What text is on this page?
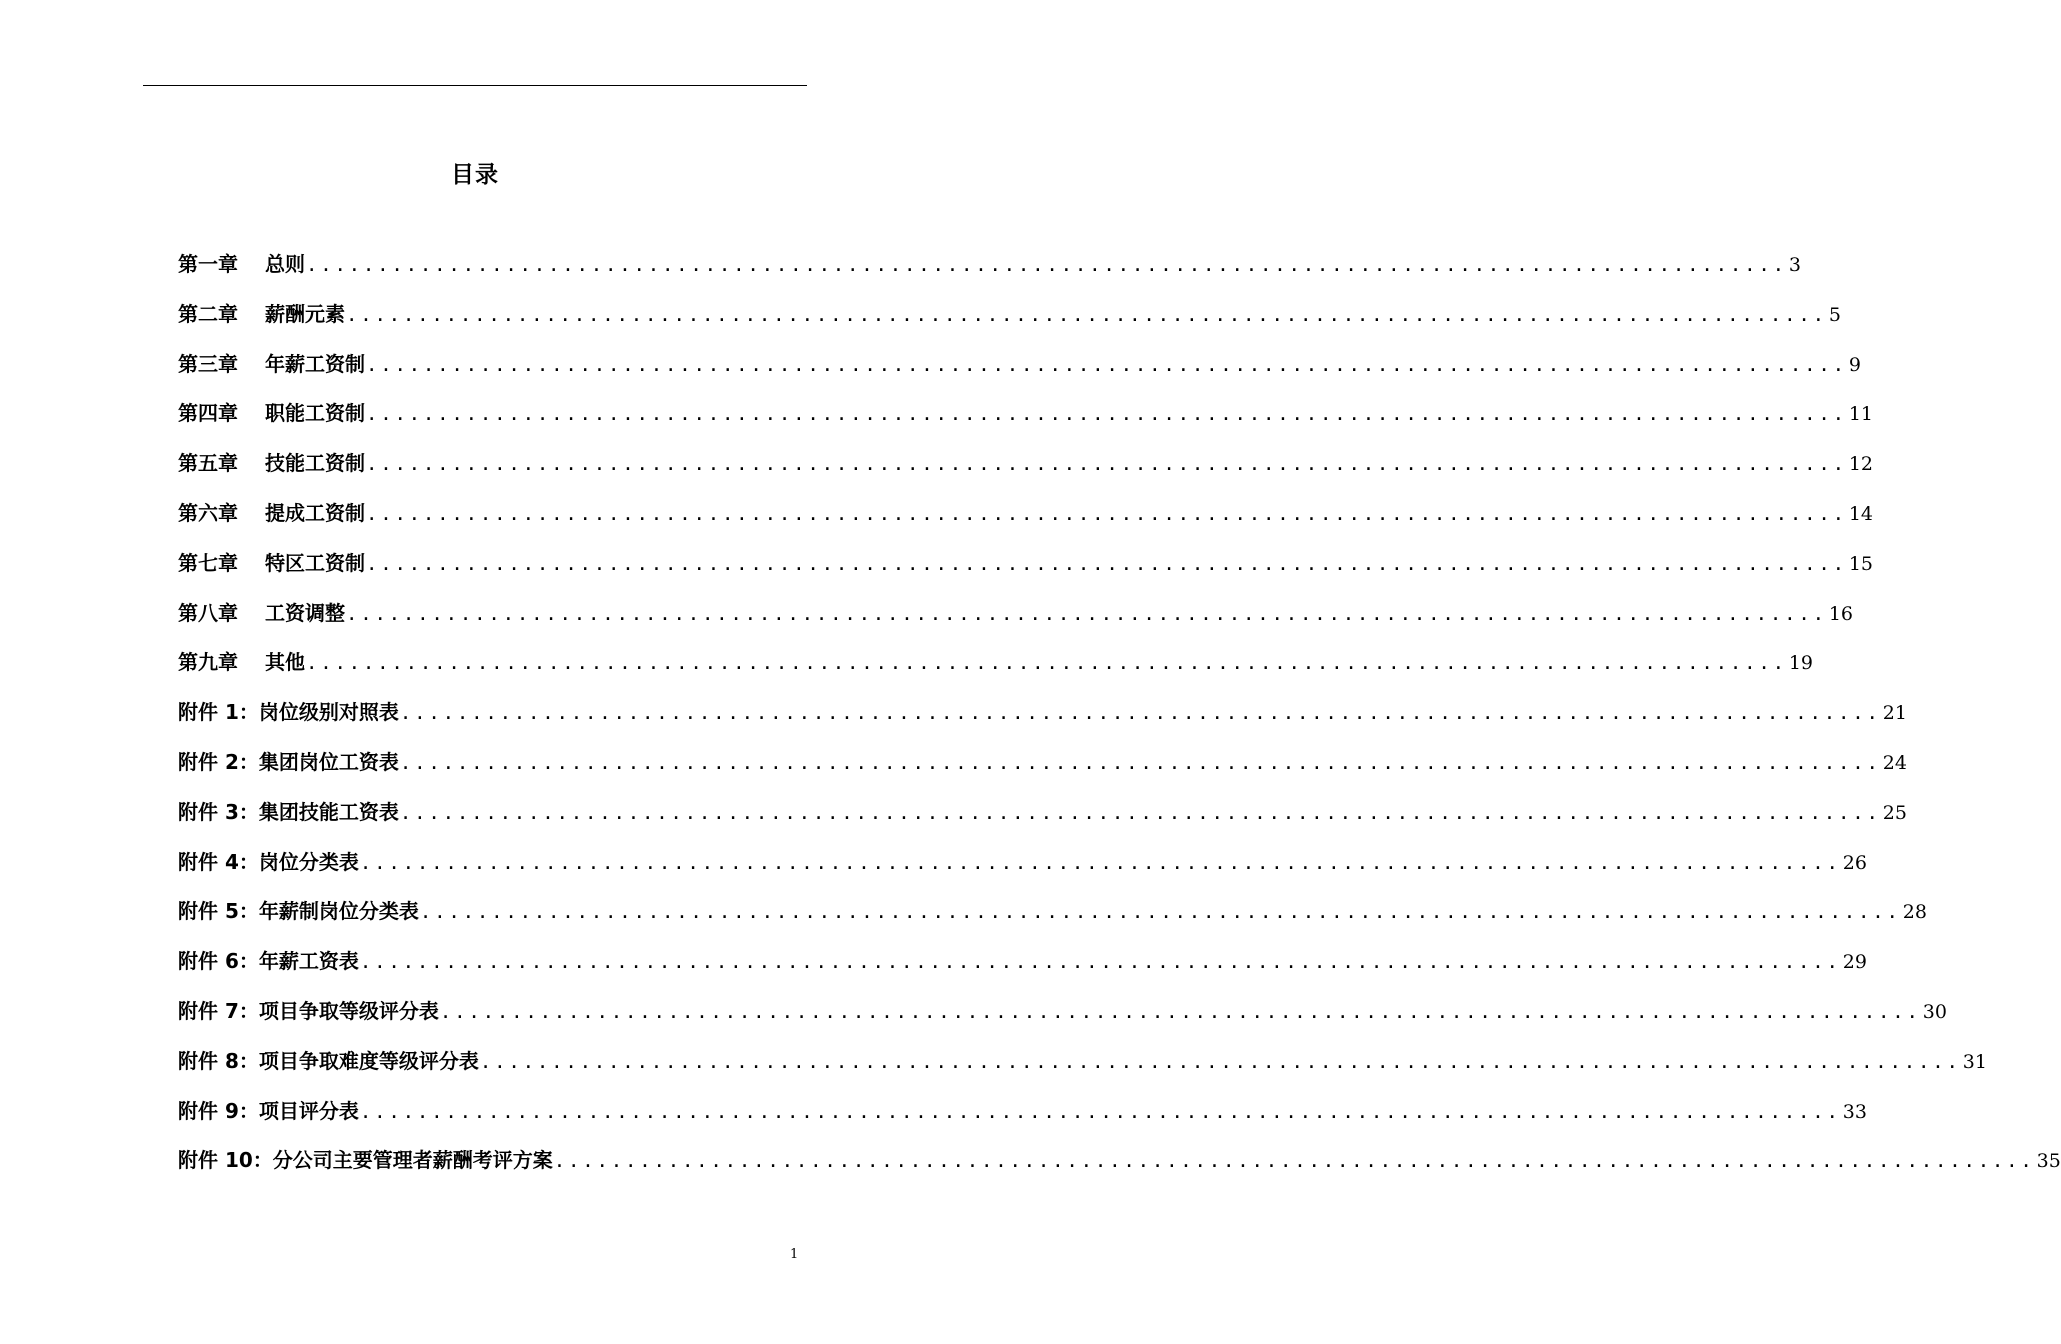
目录
第一章　 总则 ........................................................................................................ 3
第二章　 薪酬元素 ........................................................................................................ 5
第三章　 年薪工资制 ........................................................................................................ 9
第四章　 职能工资制 ........................................................................................................ 11
第五章　 技能工资制 ........................................................................................................ 12
第六章　 提成工资制 ........................................................................................................ 14
第七章　 特区工资制 ........................................................................................................ 15
第八章　 工资调整 ........................................................................................................ 16
第九章　 其他 ........................................................................................................ 19
附件 1：岗位级别对照表 ........................................................................................................ 21
附件 2：集团岗位工资表 ........................................................................................................ 24
附件 3：集团技能工资表 ........................................................................................................ 25
附件 4：岗位分类表 ........................................................................................................ 26
附件 5：年薪制岗位分类表 ........................................................................................................ 28
附件 6：年薪工资表 ........................................................................................................ 29
附件 7：项目争取等级评分表 ........................................................................................................ 30
附件 8：项目争取难度等级评分表 ........................................................................................................ 31
附件 9：项目评分表 ........................................................................................................ 33
附件 10：分公司主要管理者薪酬考评方案 ........................................................................................................ 35
1
